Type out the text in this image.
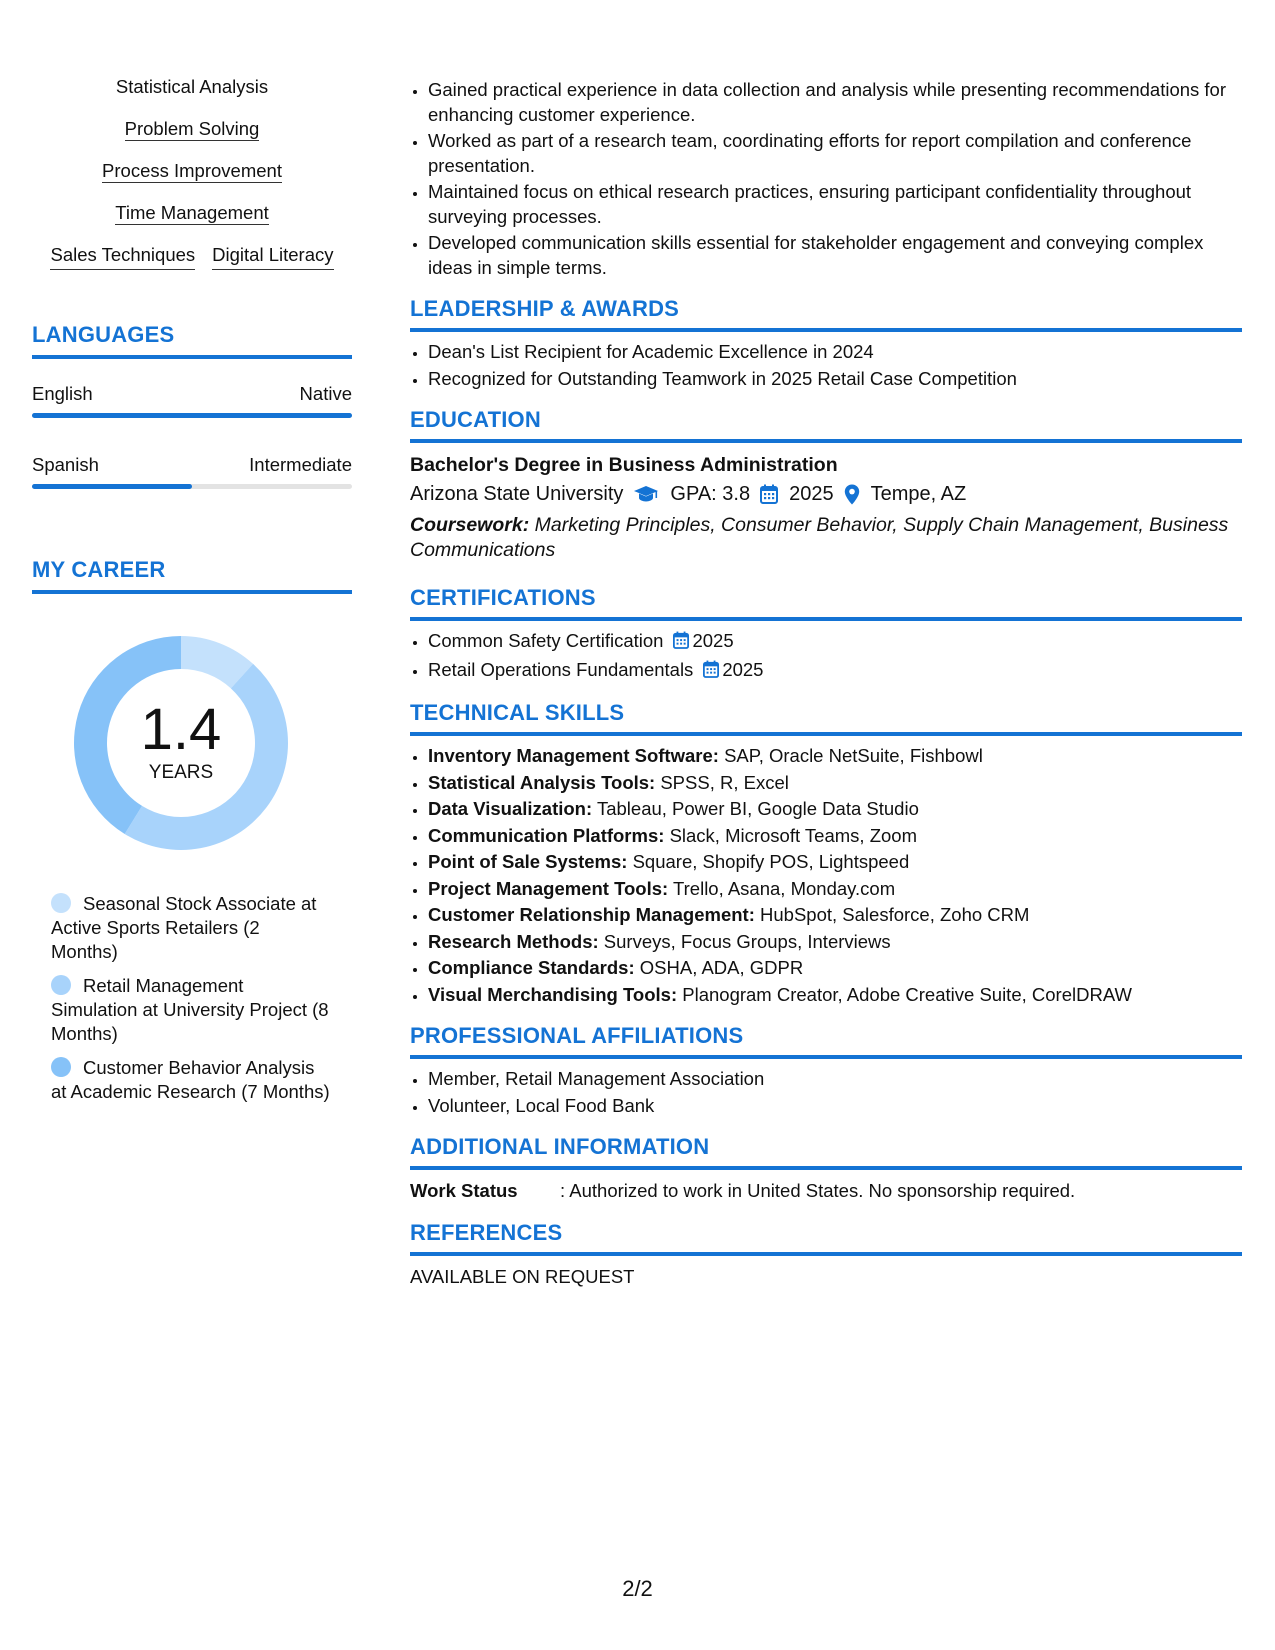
Statistical Analysis
Problem Solving
Process Improvement
Time Management
Sales Techniques Digital Literacy
LANGUAGES
English	Native
Spanish	Intermediate
MY CAREER
1.4
YEARS
Seasonal Stock Associate at Active Sports Retailers (2 Months)
Retail Management Simulation at University Project (8 Months)
Customer Behavior Analysis at Academic Research (7 Months)
• Gained practical experience in data collection and analysis while presenting recommendations for enhancing customer experience.
• Worked as part of a research team, coordinating efforts for report compilation and conference presentation.
• Maintained focus on ethical research practices, ensuring participant confidentiality throughout surveying processes.
• Developed communication skills essential for stakeholder engagement and conveying complex ideas in simple terms.
LEADERSHIP & AWARDS
• Dean's List Recipient for Academic Excellence in 2024
• Recognized for Outstanding Teamwork in 2025 Retail Case Competition
EDUCATION
Bachelor's Degree in Business Administration
Arizona State University GPA: 3.8 2025 Tempe, AZ
Coursework: Marketing Principles, Consumer Behavior, Supply Chain Management, Business Communications
CERTIFICATIONS
• Common Safety Certification 2025
• Retail Operations Fundamentals 2025
TECHNICAL SKILLS
• Inventory Management Software: SAP, Oracle NetSuite, Fishbowl
• Statistical Analysis Tools: SPSS, R, Excel
• Data Visualization: Tableau, Power BI, Google Data Studio
• Communication Platforms: Slack, Microsoft Teams, Zoom
• Point of Sale Systems: Square, Shopify POS, Lightspeed
• Project Management Tools: Trello, Asana, Monday.com
• Customer Relationship Management: HubSpot, Salesforce, Zoho CRM
• Research Methods: Surveys, Focus Groups, Interviews
• Compliance Standards: OSHA, ADA, GDPR
• Visual Merchandising Tools: Planogram Creator, Adobe Creative Suite, CorelDRAW
PROFESSIONAL AFFILIATIONS
• Member, Retail Management Association
• Volunteer, Local Food Bank
ADDITIONAL INFORMATION
Work Status	: Authorized to work in United States. No sponsorship required.
REFERENCES
AVAILABLE ON REQUEST
2/2
